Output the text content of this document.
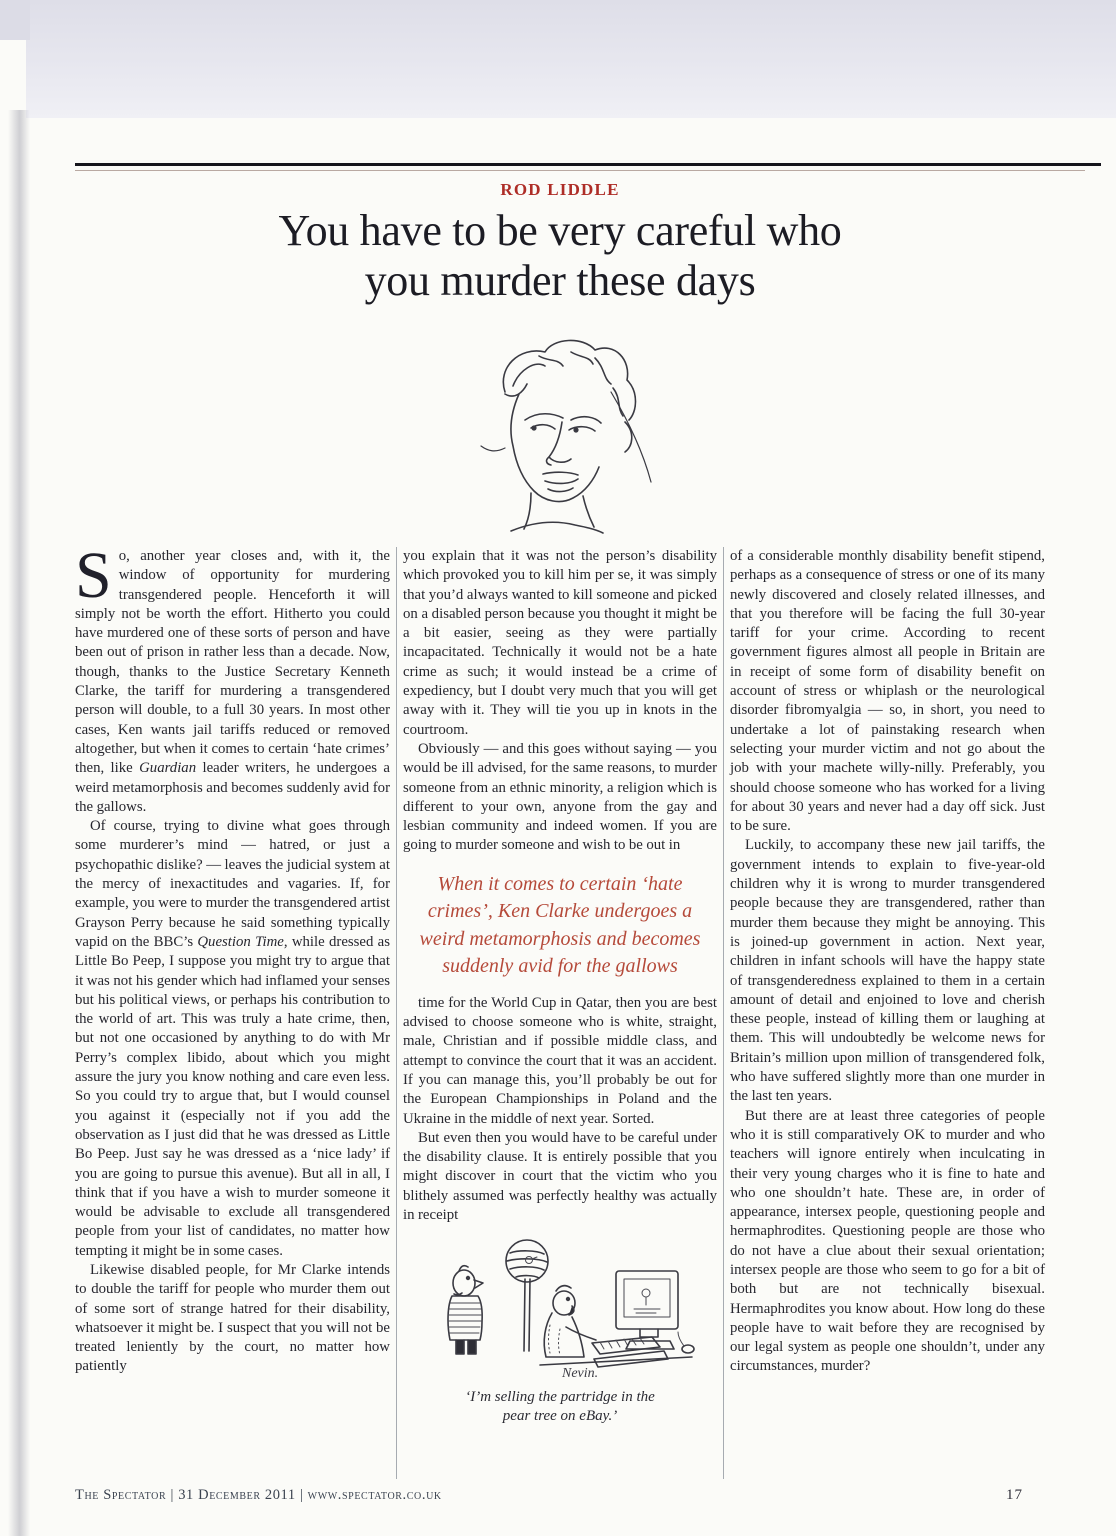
ROD LIDDLE
You have to be very careful who
you murder these days

So, another year closes and, with it, the window of opportunity for murdering transgendered people. Henceforth it will simply not be worth the effort. Hitherto you could have murdered one of these sorts of person and have been out of prison in rather less than a decade. Now, though, thanks to the Justice Secretary Kenneth Clarke, the tariff for murdering a transgendered person will double, to a full 30 years. In most other cases, Ken wants jail tariffs reduced or removed altogether, but when it comes to certain ‘hate crimes’ then, like Guardian leader writers, he undergoes a weird metamorphosis and becomes suddenly avid for the gallows.

Of course, trying to divine what goes through some murderer’s mind — hatred, or just a psychopathic dislike? — leaves the judicial system at the mercy of inexactitudes and vagaries. If, for example, you were to murder the transgendered artist Grayson Perry because he said something typically vapid on the BBC’s Question Time, while dressed as Little Bo Peep, I suppose you might try to argue that it was not his gender which had inflamed your senses but his political views, or perhaps his contribution to the world of art. This was truly a hate crime, then, but not one occasioned by anything to do with Mr Perry’s complex libido, about which you might assure the jury you know nothing and care even less. So you could try to argue that, but I would counsel you against it (especially not if you add the observation as I just did that he was dressed as Little Bo Peep. Just say he was dressed as a ‘nice lady’ if you are going to pursue this avenue). But all in all, I think that if you have a wish to murder someone it would be advisable to exclude all transgendered people from your list of candidates, no matter how tempting it might be in some cases.

Likewise disabled people, for Mr Clarke intends to double the tariff for people who murder them out of some sort of strange hatred for their disability, whatsoever it might be. I suspect that you will not be treated leniently by the court, no matter how patiently

you explain that it was not the person’s disability which provoked you to kill him per se, it was simply that you’d always wanted to kill someone and picked on a disabled person because you thought it might be a bit easier, seeing as they were partially incapacitated. Technically it would not be a hate crime as such; it would instead be a crime of expediency, but I doubt very much that you will get away with it. They will tie you up in knots in the courtroom.

Obviously — and this goes without saying — you would be ill advised, for the same reasons, to murder someone from an ethnic minority, a religion which is different to your own, anyone from the gay and lesbian community and indeed women. If you are going to murder someone and wish to be out in

When it comes to certain ‘hate crimes’, Ken Clarke undergoes a weird metamorphosis and becomes suddenly avid for the gallows

time for the World Cup in Qatar, then you are best advised to choose someone who is white, straight, male, Christian and if possible middle class, and attempt to convince the court that it was an accident. If you can manage this, you’ll probably be out for the European Championships in Poland and the Ukraine in the middle of next year. Sorted.

But even then you would have to be careful under the disability clause. It is entirely possible that you might discover in court that the victim who you blithely assumed was perfectly healthy was actually in receipt

Nevin.
‘I’m selling the partridge in the pear tree on eBay.’

of a considerable monthly disability benefit stipend, perhaps as a consequence of stress or one of its many newly discovered and closely related illnesses, and that you therefore will be facing the full 30-year tariff for your crime. According to recent government figures almost all people in Britain are in receipt of some form of disability benefit on account of stress or whiplash or the neurological disorder fibromyalgia — so, in short, you need to undertake a lot of painstaking research when selecting your murder victim and not go about the job with your machete willy-nilly. Preferably, you should choose someone who has worked for a living for about 30 years and never had a day off sick. Just to be sure.

Luckily, to accompany these new jail tariffs, the government intends to explain to five-year-old children why it is wrong to murder transgendered people because they are transgendered, rather than murder them because they might be annoying. This is joined-up government in action. Next year, children in infant schools will have the happy state of transgenderedness explained to them in a certain amount of detail and enjoined to love and cherish these people, instead of killing them or laughing at them. This will undoubtedly be welcome news for Britain’s million upon million of transgendered folk, who have suffered slightly more than one murder in the last ten years.

But there are at least three categories of people who it is still comparatively OK to murder and who teachers will ignore entirely when inculcating in their very young charges who it is fine to hate and who one shouldn’t hate. These are, in order of appearance, intersex people, questioning people and hermaphrodites. Questioning people are those who do not have a clue about their sexual orientation; intersex people are those who seem to go for a bit of both but are not technically bisexual. Hermaphrodites you know about. How long do these people have to wait before they are recognised by our legal system as people one shouldn’t, under any circumstances, murder?

The Spectator | 31 December 2011 | www.spectator.co.uk	17
